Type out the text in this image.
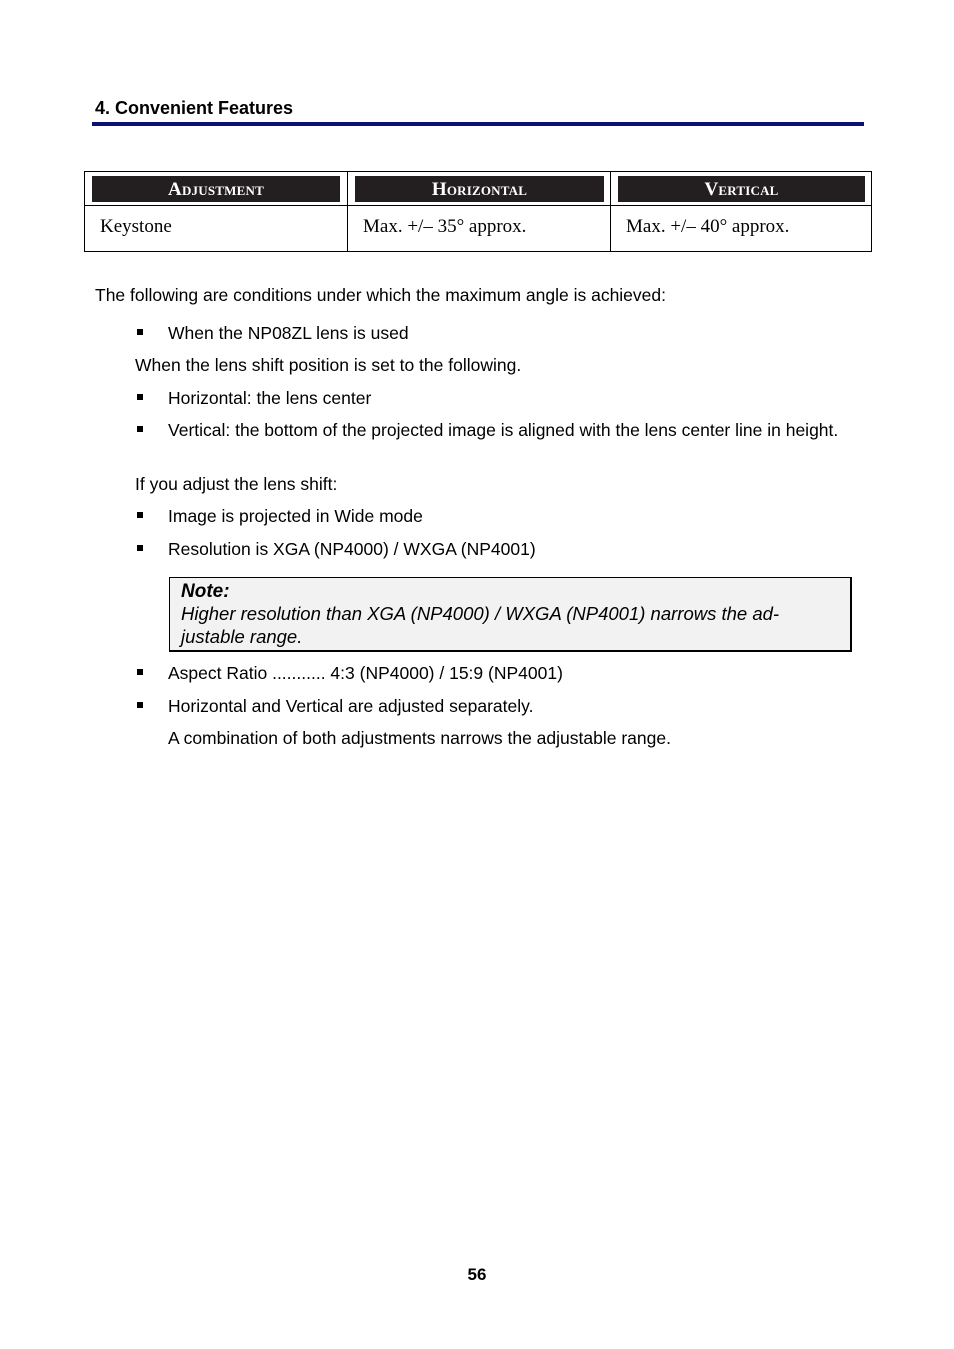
4. Convenient Features
Adjustment
Keystone
Horizontal
Max. +/– 35° approx.
Vertical
Max. +/– 40° approx.
The following are conditions under which the maximum angle is achieved:
When the NP08ZL lens is used
When the lens shift position is set to the following.
Horizontal: the lens center
Vertical: the bottom of the projected image is aligned with the lens center line in height.
If you adjust the lens shift:
Image is projected in Wide mode
Resolution is XGA (NP4000) / WXGA (NP4001)
Note:
Higher resolution than XGA (NP4000) / WXGA (NP4001) narrows the ad-justable range.
Aspect Ratio ........... 4:3 (NP4000) / 15:9 (NP4001)
Horizontal and Vertical are adjusted separately.
A combination of both adjustments narrows the adjustable range.
56
